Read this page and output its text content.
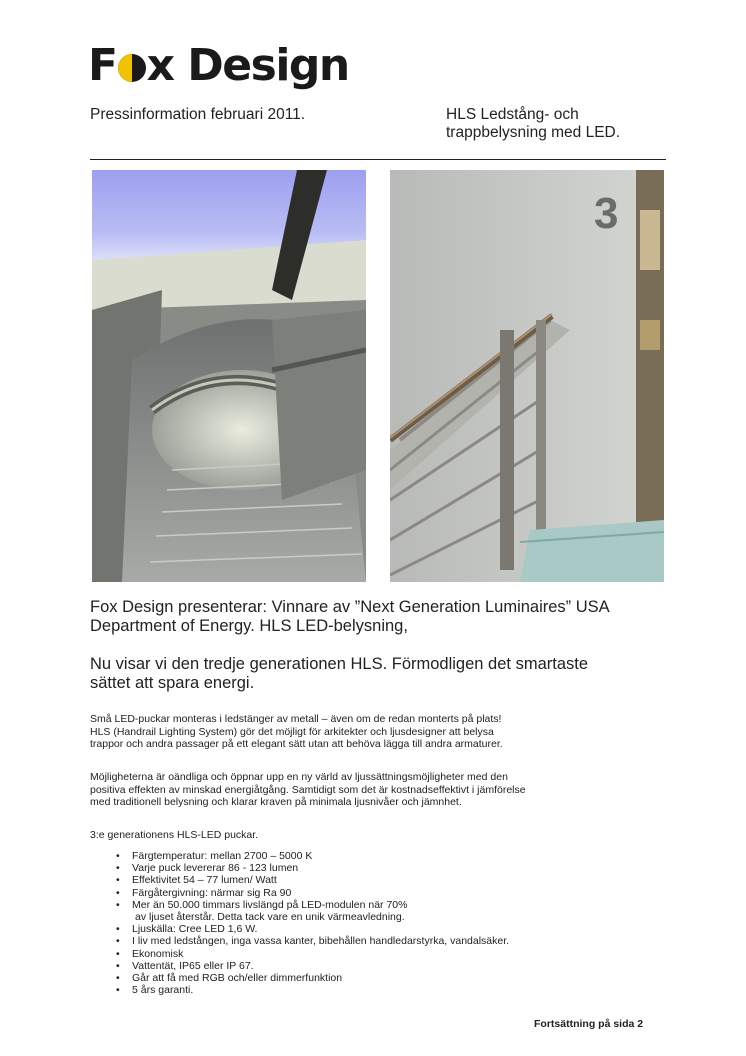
F x Design
Pressinformation februari 2011.	HLS Ledstång- och
trappbelysning med LED.
3
Fox Design presenterar: Vinnare av ”Next Generation Luminaires” USA
Department of Energy. HLS LED-belysning,
Nu visar vi den tredje generationen HLS. Förmodligen det smartaste
sättet att spara energi.
Små LED-puckar monteras i ledstänger av metall – även om de redan monterts på plats!
HLS (Handrail Lighting System) gör det möjligt för arkitekter och ljusdesigner att belysa
trappor och andra passager på ett elegant sätt utan att behöva lägga till andra armaturer.
Möjligheterna är oändliga och öppnar upp en ny värld av ljussättningsmöjligheter med den
positiva effekten av minskad energiåtgång. Samtidigt som det är kostnadseffektivt i jämförelse
med traditionell belysning och klarar kraven på minimala ljusnivåer och jämnhet.
3:e generationens HLS-LED puckar.
• Färgtemperatur: mellan 2700 – 5000 K
• Varje puck levererar 86 - 123 lumen
• Effektivitet 54 – 77 lumen/ Watt
• Färgåtergivning: närmar sig Ra 90
• Mer än 50.000 timmars livslängd på LED-modulen när 70%
av ljuset återstår. Detta tack vare en unik värmeavledning.
• Ljuskälla: Cree LED 1,6 W.
• I liv med ledstången, inga vassa kanter, bibehållen handledarstyrka, vandalsäker.
• Ekonomisk
• Vattentät, IP65 eller IP 67.
• Går att få med RGB och/eller dimmerfunktion
• 5 års garanti.
Fortsättning på sida 2
